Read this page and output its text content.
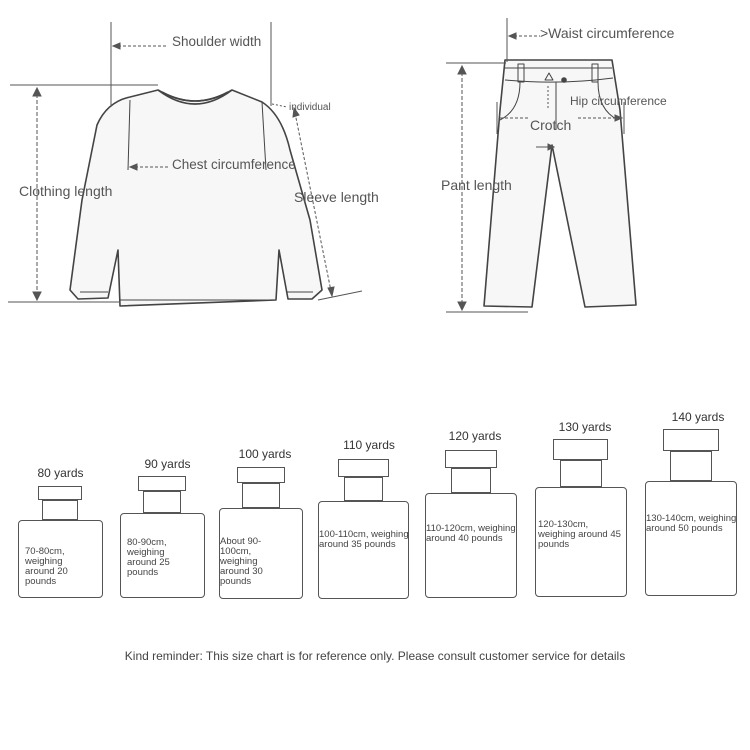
Shoulder width
individual
Chest circumference
Clothing length	Sleeve length
>Waist circumference
Hip circumference
Crotch
Pant length
80 yards
70-80cm, weighing around 20 pounds
90 yards
80-90cm, weighing around 25 pounds
100 yards
About 90-100cm, weighing around 30 pounds
110 yards
100-110cm, weighing around 35 pounds
120 yards
110-120cm, weighing around 40 pounds
130 yards
120-130cm, weighing around 45 pounds
140 yards
130-140cm, weighing around 50 pounds
Kind reminder: This size chart is for reference only. Please consult customer service for details
